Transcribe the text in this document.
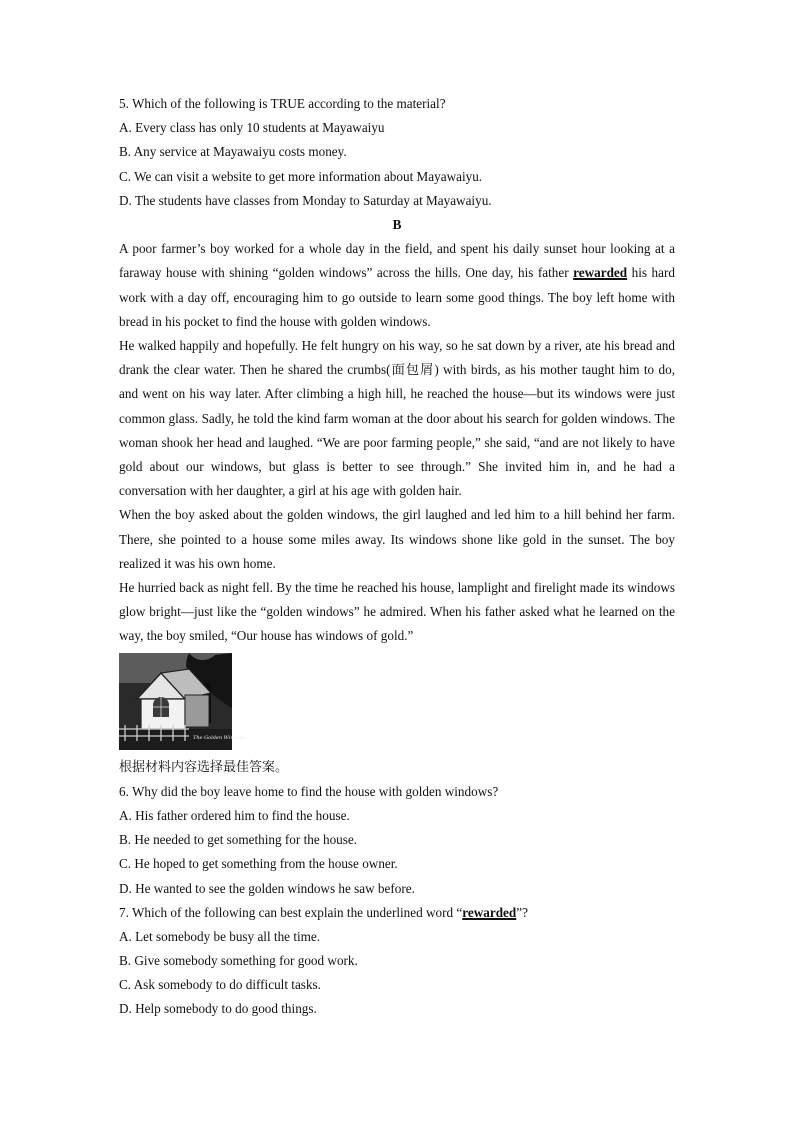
5. Which of the following is TRUE according to the material?
A. Every class has only 10 students at Mayawaiyu
B. Any service at Mayawaiyu costs money.
C. We can visit a website to get more information about Mayawaiyu.
D. The students have classes from Monday to Saturday at Mayawaiyu.
B
A poor farmer’s boy worked for a whole day in the field, and spent his daily sunset hour looking at a faraway house with shining “golden windows” across the hills. One day, his father rewarded his hard work with a day off, encouraging him to go outside to learn some good things. The boy left home with bread in his pocket to find the house with golden windows.
He walked happily and hopefully. He felt hungry on his way, so he sat down by a river, ate his bread and drank the clear water. Then he shared the crumbs(面包屑) with birds, as his mother taught him to do, and went on his way later. After climbing a high hill, he reached the house—but its windows were just common glass. Sadly, he told the kind farm woman at the door about his search for golden windows. The woman shook her head and laughed. “We are poor farming people,” she said, “and are not likely to have gold about our windows, but glass is better to see through.” She invited him in, and he had a conversation with her daughter, a girl at his age with golden hair.
When the boy asked about the golden windows, the girl laughed and led him to a hill behind her farm. There, she pointed to a house some miles away. Its windows shone like gold in the sunset. The boy realized it was his own home.
He hurried back as night fell. By the time he reached his house, lamplight and firelight made its windows glow bright—just like the “golden windows” he admired. When his father asked what he learned on the way, the boy smiled, “Our house has windows of gold.”
The Golden Windows
根据材料内容选择最佳答案。
6. Why did the boy leave home to find the house with golden windows?
A. His father ordered him to find the house.
B. He needed to get something for the house.
C. He hoped to get something from the house owner.
D. He wanted to see the golden windows he saw before.
7. Which of the following can best explain the underlined word “rewarded”?
A. Let somebody be busy all the time.
B. Give somebody something for good work.
C. Ask somebody to do difficult tasks.
D. Help somebody to do good things.
